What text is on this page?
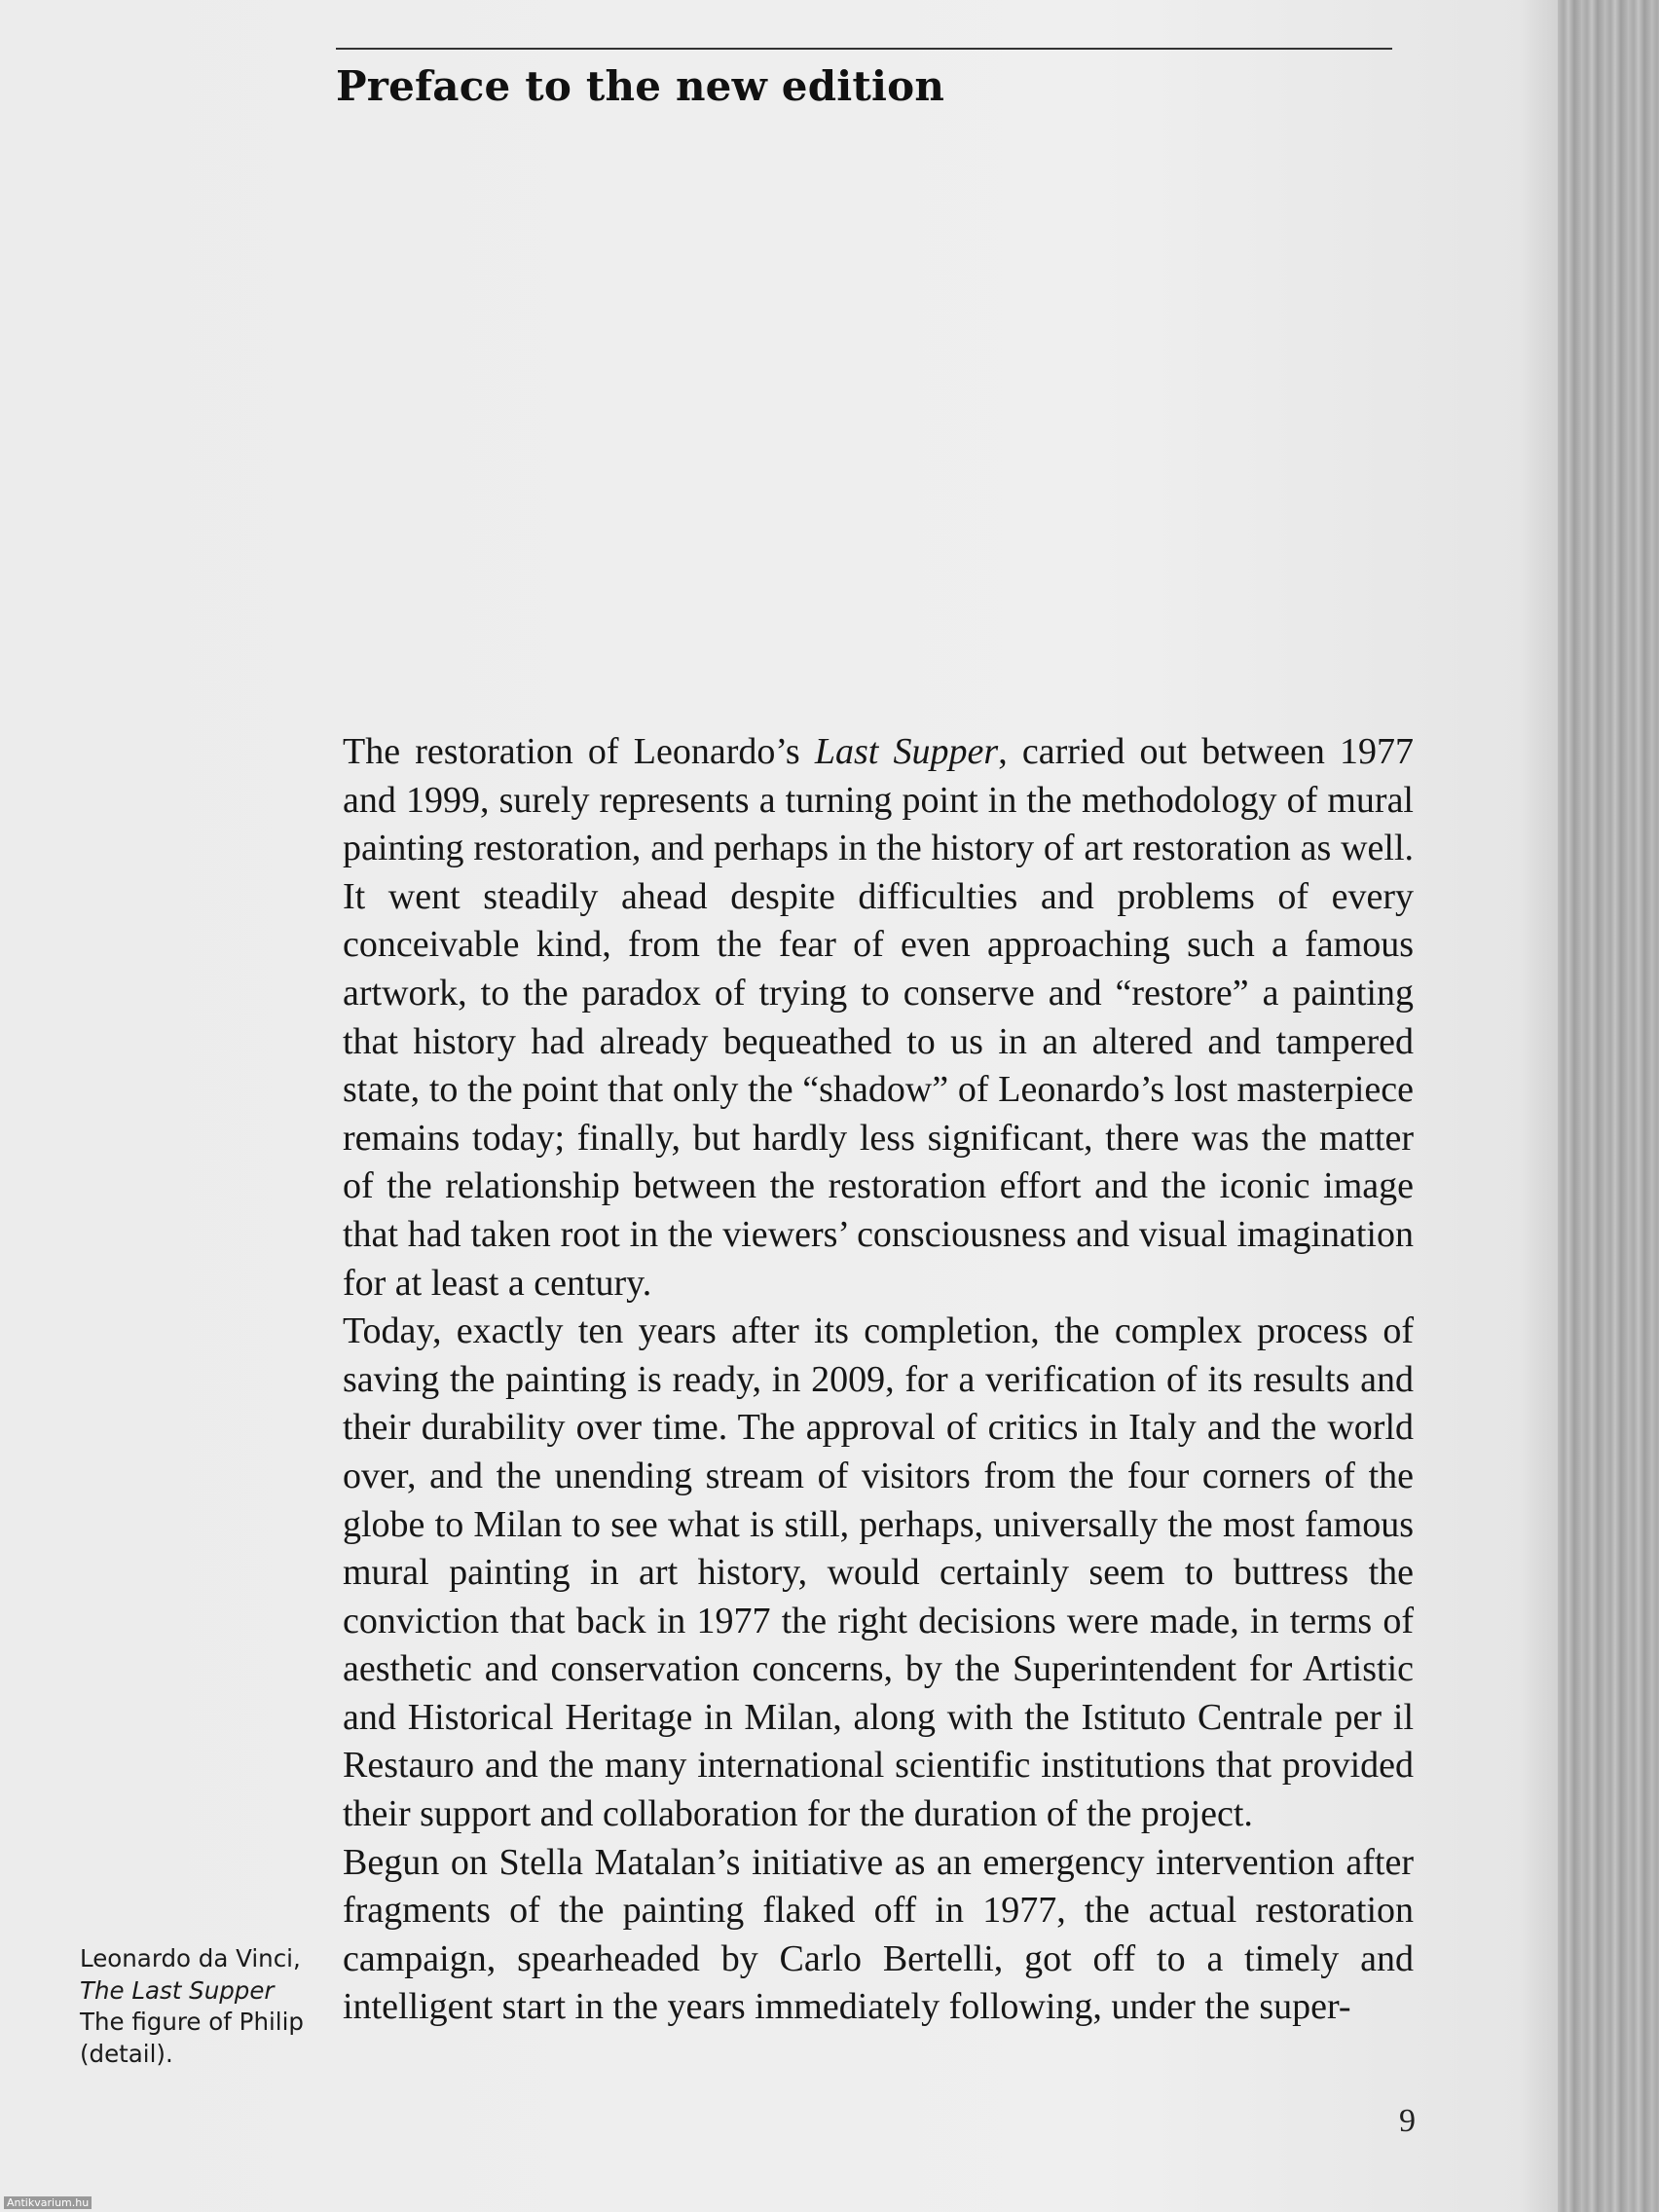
Preface to the new edition

The restoration of Leonardo’s Last Supper, carried out between 1977 and 1999, surely represents a turning point in the methodology of mural painting restoration, and perhaps in the history of art restoration as well. It went steadily ahead despite difficulties and problems of every conceivable kind, from the fear of even approaching such a famous artwork, to the paradox of trying to conserve and “restore” a painting that history had already bequeathed to us in an altered and tampered state, to the point that only the “shadow” of Leonardo’s lost masterpiece remains today; finally, but hardly less significant, there was the matter of the relationship between the restoration effort and the iconic image that had taken root in the viewers’ consciousness and visual imagination for at least a century.

Today, exactly ten years after its completion, the complex process of saving the painting is ready, in 2009, for a verification of its results and their durability over time. The approval of critics in Italy and the world over, and the unending stream of visitors from the four corners of the globe to Milan to see what is still, perhaps, universally the most famous mural painting in art history, would certainly seem to buttress the conviction that back in 1977 the right decisions were made, in terms of aesthetic and conservation concerns, by the Superintendent for Artistic and Historical Heritage in Milan, along with the Istituto Centrale per il Restauro and the many international scientific institutions that provided their support and collaboration for the duration of the project.

Begun on Stella Matalan’s initiative as an emergency intervention after fragments of the painting flaked off in 1977, the actual restoration campaign, spearheaded by Carlo Bertelli, got off to a timely and intelligent start in the years immediately following, under the super-

Leonardo da Vinci,
The Last Supper
The figure of Philip
(detail).
9
Antikvarium.hu
